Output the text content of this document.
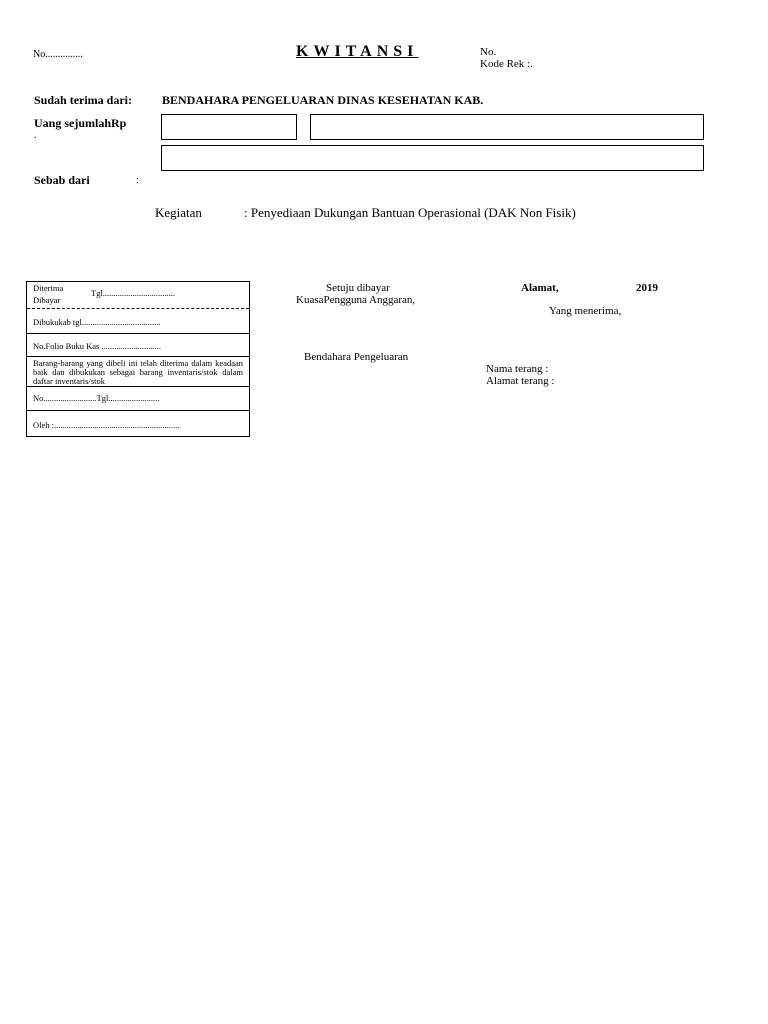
No...............	KWITANSI	No.
Kode Rek :.
Sudah terima dari: BENDAHARA PENGELUARAN DINAS KESEHATAN KAB.
Uang sejumlahRp
.
Sebab dari	:
Kegiatan	: Penyediaan Dukungan Bantuan Operasional (DAK Non Fisik)
Diterima
Dibayar
Tgl..................................
Dibukukab tgl.....................................
No.Folio Buku Kas ............................
Barang-barang yang dibeli ini telah diterima dalam keadaan baik dan dibukukan sebagai barang inventaris/stok dalam daftar inventaris/stok
No.........................Tgl........................
Oleh :...........................................................
Setuju dibayar
KuasaPengguna Anggaran,
Bendahara Pengeluaran
Alamat,	2019
Yang menerima,
Nama terang :
Alamat terang :
